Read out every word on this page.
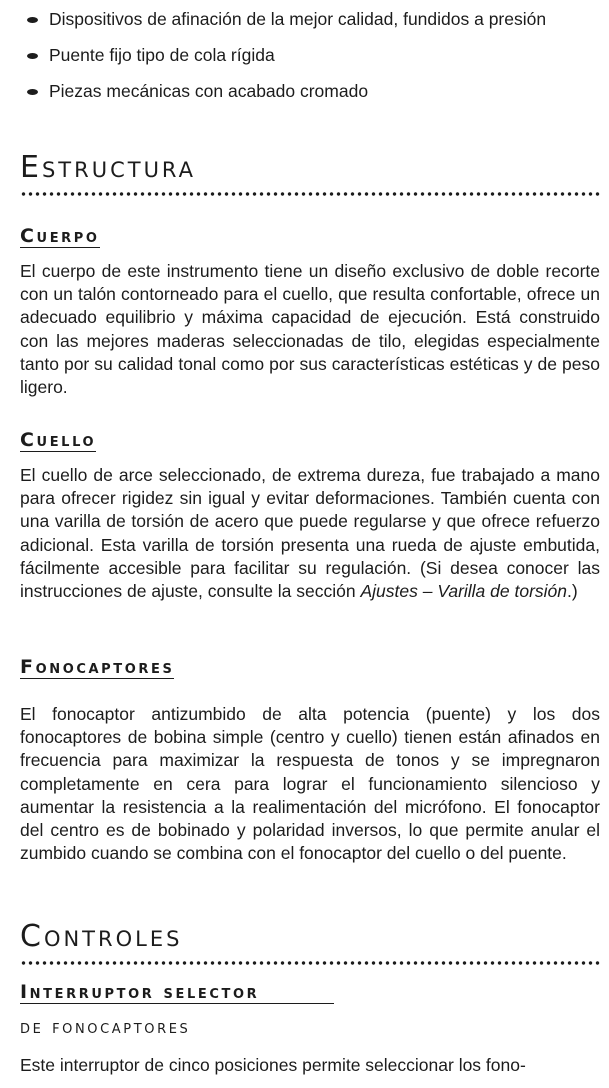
Dispositivos de afinación de la mejor calidad, fundidos a presión
Puente fijo tipo de cola rígida
Piezas mecánicas con acabado cromado
Estructura
Cuerpo

El cuerpo de este instrumento tiene un diseño exclusivo de doble recorte con un talón contorneado para el cuello, que resulta confortable, ofrece un adecuado equilibrio y máxima capacidad de ejecución. Está construido con las mejores maderas seleccionadas de tilo, elegidas especialmente tanto por su calidad tonal como por sus características estéticas y de peso ligero.

Cuello

El cuello de arce seleccionado, de extrema dureza, fue trabajado a mano para ofrecer rigidez sin igual y evitar deformaciones. También cuenta con una varilla de torsión de acero que puede regularse y que ofrece refuerzo adicional. Esta varilla de torsión presenta una rueda de ajuste embutida, fácilmente accesible para facilitar su regulación. (Si desea conocer las instrucciones de ajuste, consulte la sección Ajustes – Varilla de torsión.)

Fonocaptores

El fonocaptor antizumbido de alta potencia (puente) y los dos fonocaptores de bobina simple (centro y cuello) tienen están afinados en frecuencia para maximizar la respuesta de tonos y se impregnaron completamente en cera para lograr el funcionamiento silencioso y aumentar la resistencia a la realimentación del micrófono. El fonocaptor del centro es de bobinado y polaridad inversos, lo que permite anular el zumbido cuando se combina con el fonocaptor del cuello o del puente.

Controles
Interruptor selector
de fonocaptores

Este interruptor de cinco posiciones permite seleccionar los fono-
